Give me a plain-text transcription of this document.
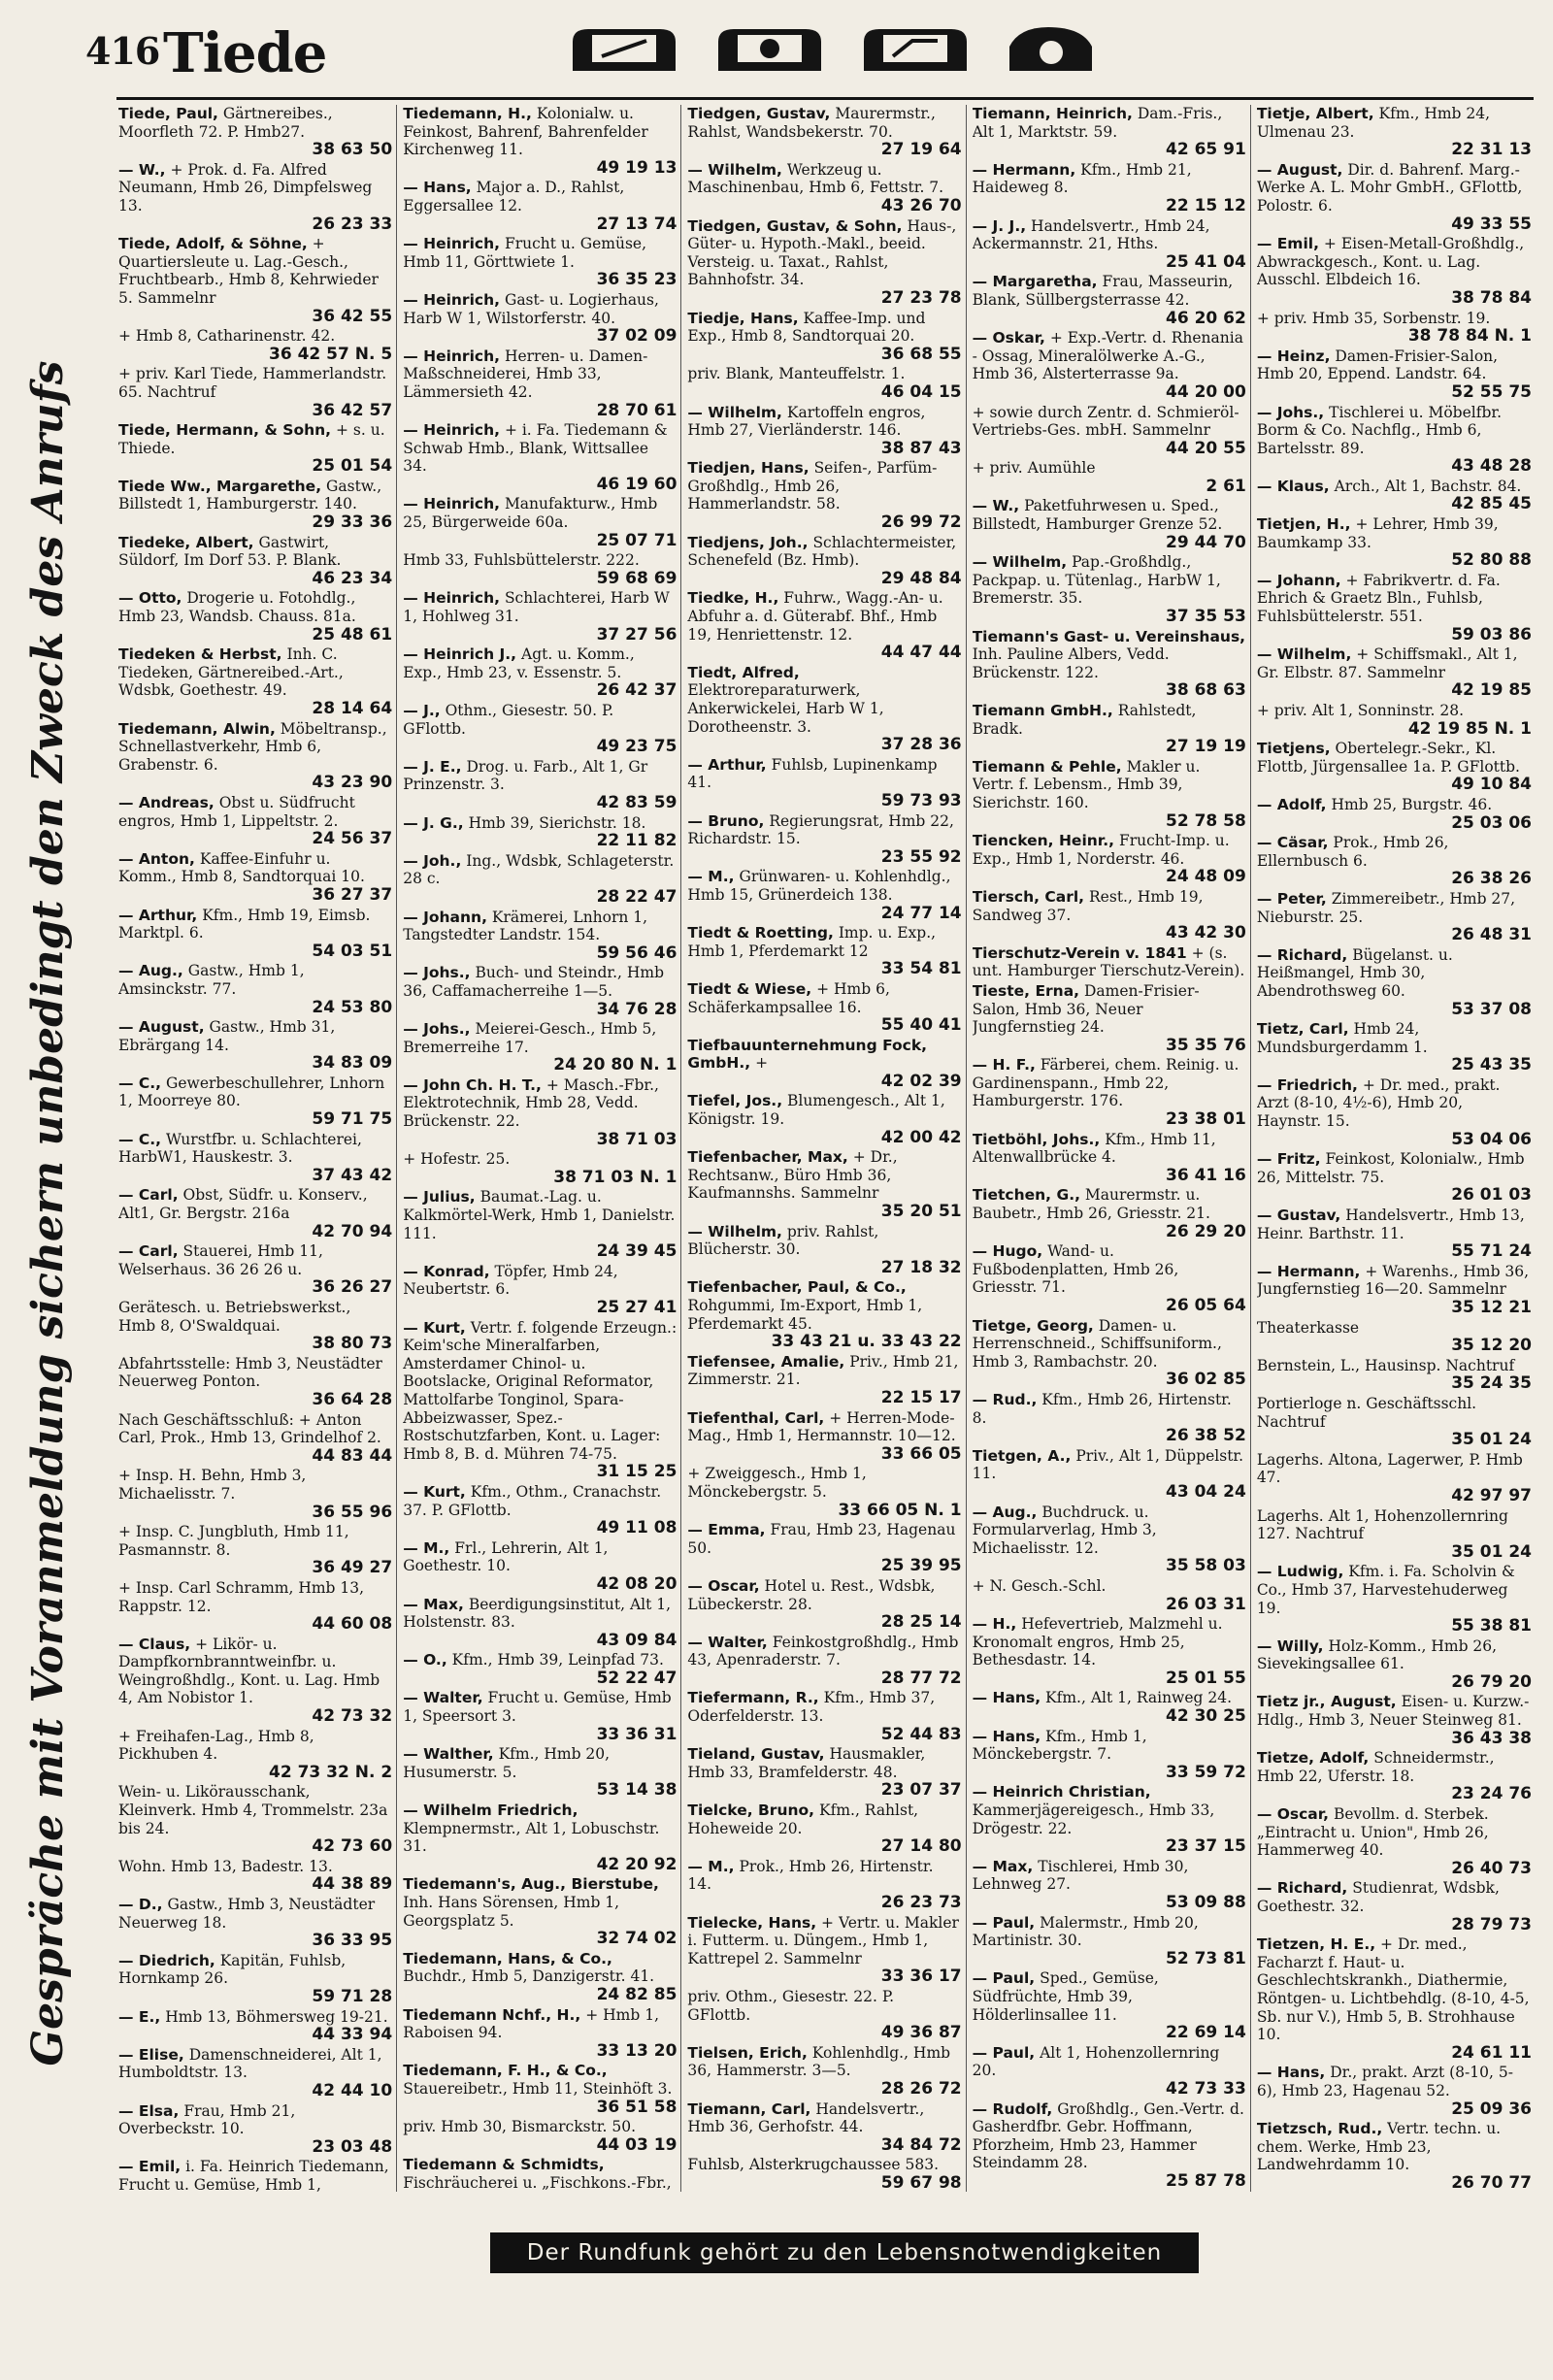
416 Tiede
Gespräche mit Voranmeldung sichern unbedingt den Zweck des Anrufs
Tiede, Paul, Gärtnereibes., Moorfleth 72. P. Hmb27.
38 63 50
— W., + Prok. d. Fa. Alfred Neumann, Hmb 26, Dimpfelsweg 13.
26 23 33
Tiede, Adolf, & Söhne, + Quartiersleute u. Lag.-Gesch., Fruchtbearb., Hmb 8, Kehrwieder 5. Sammelnr
36 42 55
+ Hmb 8, Catharinenstr. 42.
36 42 57 N. 5
+ priv. Karl Tiede, Hammerlandstr. 65. Nachtruf
36 42 57
Tiede, Hermann, & Sohn, + s. u. Thiede.
25 01 54
Tiede Ww., Margarethe, Gastw., Billstedt 1, Hamburgerstr. 140.
29 33 36
Tiedeke, Albert, Gastwirt, Süldorf, Im Dorf 53. P. Blank.
46 23 34
— Otto, Drogerie u. Fotohdlg., Hmb 23, Wandsb. Chauss. 81a.
25 48 61
Tiedeken & Herbst, Inh. C. Tiedeken, Gärtnereibed.-Art., Wdsbk, Goethestr. 49.
28 14 64
Tiedemann, Alwin, Möbeltransp., Schnellastverkehr, Hmb 6, Grabenstr. 6.
43 23 90
— Andreas, Obst u. Südfrucht engros, Hmb 1, Lippeltstr. 2.
24 56 37
— Anton, Kaffee-Einfuhr u. Komm., Hmb 8, Sandtorquai 10.
36 27 37
— Arthur, Kfm., Hmb 19, Eimsb. Marktpl. 6.
54 03 51
— Aug., Gastw., Hmb 1, Amsinckstr. 77.
24 53 80
— August, Gastw., Hmb 31, Ebrärgang 14.
34 83 09
— C., Gewerbeschullehrer, Lnhorn 1, Moorreye 80.
59 71 75
— C., Wurstfbr. u. Schlachterei, HarbW1, Hauskestr. 3.
37 43 42
— Carl, Obst, Südfr. u. Konserv., Alt1, Gr. Bergstr. 216a
42 70 94
— Carl, Stauerei, Hmb 11, Welserhaus. 36 26 26 u.
36 26 27
Gerätesch. u. Betriebswerkst., Hmb 8, O'Swaldquai.
38 80 73
Abfahrtsstelle: Hmb 3, Neustädter Neuerweg Ponton.
36 64 28
Nach Geschäftsschluß: + Anton Carl, Prok., Hmb 13, Grindelhof 2.
44 83 44
+ Insp. H. Behn, Hmb 3, Michaelisstr. 7.
36 55 96
+ Insp. C. Jungbluth, Hmb 11, Pasmannstr. 8.
36 49 27
+ Insp. Carl Schramm, Hmb 13, Rappstr. 12.
44 60 08
— Claus, + Likör- u. Dampfkornbranntweinfbr. u. Weingroßhdlg., Kont. u. Lag. Hmb 4, Am Nobistor 1.
42 73 32
+ Freihafen-Lag., Hmb 8, Pickhuben 4.
42 73 32 N. 2
Wein- u. Likörausschank, Kleinverk. Hmb 4, Trommelstr. 23a bis 24.
42 73 60
Wohn. Hmb 13, Badestr. 13.
44 38 89
— D., Gastw., Hmb 3, Neustädter Neuerweg 18.
36 33 95
— Diedrich, Kapitän, Fuhlsb, Hornkamp 26.
59 71 28
— E., Hmb 13, Böhmersweg 19-21.
44 33 94
— Elise, Damenschneiderei, Alt 1, Humboldtstr. 13.
42 44 10
— Elsa, Frau, Hmb 21, Overbeckstr. 10.
23 03 48
— Emil, i. Fa. Heinrich Tiedemann, Frucht u. Gemüse, Hmb 1,
Tiedemann, H., Kolonialw. u. Feinkost, Bahrenf, Bahrenfelder Kirchenweg 11.
49 19 13
— Hans, Major a. D., Rahlst, Eggersallee 12.
27 13 74
— Heinrich, Frucht u. Gemüse, Hmb 11, Görttwiete 1.
36 35 23
— Heinrich, Gast- u. Logierhaus, Harb W 1, Wilstorferstr. 40.
37 02 09
— Heinrich, Herren- u. Damen-Maßschneiderei, Hmb 33, Lämmersieth 42.
28 70 61
— Heinrich, + i. Fa. Tiedemann & Schwab Hmb., Blank, Wittsallee 34.
46 19 60
— Heinrich, Manufakturw., Hmb 25, Bürgerweide 60a.
25 07 71
Hmb 33, Fuhlsbüttelerstr. 222.
59 68 69
— Heinrich, Schlachterei, Harb W 1, Hohlweg 31.
37 27 56
— Heinrich J., Agt. u. Komm., Exp., Hmb 23, v. Essenstr. 5.
26 42 37
— J., Othm., Giesestr. 50. P. GFlottb.
49 23 75
— J. E., Drog. u. Farb., Alt 1, Gr Prinzenstr. 3.
42 83 59
— J. G., Hmb 39, Sierichstr. 18.
22 11 82
— Joh., Ing., Wdsbk, Schlageterstr. 28 c.
28 22 47
— Johann, Krämerei, Lnhorn 1, Tangstedter Landstr. 154.
59 56 46
— Johs., Buch- und Steindr., Hmb 36, Caffamacherreihe 1—5.
34 76 28
— Johs., Meierei-Gesch., Hmb 5, Bremerreihe 17.
24 20 80 N. 1
— John Ch. H. T., + Masch.-Fbr., Elektrotechnik, Hmb 28, Vedd. Brückenstr. 22.
38 71 03
+ Hofestr. 25.
38 71 03 N. 1
— Julius, Baumat.-Lag. u. Kalkmörtel-Werk, Hmb 1, Danielstr. 111.
24 39 45
— Konrad, Töpfer, Hmb 24, Neubertstr. 6.
25 27 41
— Kurt, Vertr. f. folgende Erzeugn.: Keim'sche Mineralfarben, Amsterdamer Chinol- u. Bootslacke, Original Reformator, Mattolfarbe Tonginol, Spara-Abbeizwasser, Spez.-Rostschutzfarben, Kont. u. Lager: Hmb 8, B. d. Mühren 74-75.
31 15 25
— Kurt, Kfm., Othm., Cranachstr. 37. P. GFlottb.
49 11 08
— M., Frl., Lehrerin, Alt 1, Goethestr. 10.
42 08 20
— Max, Beerdigungsinstitut, Alt 1, Holstenstr. 83.
43 09 84
— O., Kfm., Hmb 39, Leinpfad 73.
52 22 47
— Walter, Frucht u. Gemüse, Hmb 1, Speersort 3.
33 36 31
— Walther, Kfm., Hmb 20, Husumerstr. 5.
53 14 38
— Wilhelm Friedrich, Klempnermstr., Alt 1, Lobuschstr. 31.
42 20 92
Tiedemann's, Aug., Bierstube, Inh. Hans Sörensen, Hmb 1, Georgsplatz 5.
32 74 02
Tiedemann, Hans, & Co., Buchdr., Hmb 5, Danzigerstr. 41.
24 82 85
Tiedemann Nchf., H., + Hmb 1, Raboisen 94.
33 13 20
Tiedemann, F. H., & Co., Stauereibetr., Hmb 11, Steinhöft 3.
36 51 58
priv. Hmb 30, Bismarckstr. 50.
44 03 19
Tiedemann & Schmidts, Fischräucherei u. „Fischkons.-Fbr.,
Tiedgen, Gustav, Maurermstr., Rahlst, Wandsbekerstr. 70.
27 19 64
— Wilhelm, Werkzeug u. Maschinenbau, Hmb 6, Fettstr. 7.
43 26 70
Tiedgen, Gustav, & Sohn, Haus-, Güter- u. Hypoth.-Makl., beeid. Versteig. u. Taxat., Rahlst, Bahnhofstr. 34.
27 23 78
Tiedje, Hans, Kaffee-Imp. und Exp., Hmb 8, Sandtorquai 20.
36 68 55
priv. Blank, Manteuffelstr. 1.
46 04 15
— Wilhelm, Kartoffeln engros, Hmb 27, Vierländerstr. 146.
38 87 43
Tiedjen, Hans, Seifen-, Parfüm-Großhdlg., Hmb 26, Hammerlandstr. 58.
26 99 72
Tiedjens, Joh., Schlachtermeister, Schenefeld (Bz. Hmb).
29 48 84
Tiedke, H., Fuhrw., Wagg.-An- u. Abfuhr a. d. Güterabf. Bhf., Hmb 19, Henriettenstr. 12.
44 47 44
Tiedt, Alfred, Elektroreparaturwerk, Ankerwickelei, Harb W 1, Dorotheenstr. 3.
37 28 36
— Arthur, Fuhlsb, Lupinenkamp 41.
59 73 93
— Bruno, Regierungsrat, Hmb 22, Richardstr. 15.
23 55 92
— M., Grünwaren- u. Kohlenhdlg., Hmb 15, Grünerdeich 138.
24 77 14
Tiedt & Roetting, Imp. u. Exp., Hmb 1, Pferdemarkt 12
33 54 81
Tiedt & Wiese, + Hmb 6, Schäferkampsallee 16.
55 40 41
Tiefbauunternehmung Fock, GmbH., +
42 02 39
Tiefel, Jos., Blumengesch., Alt 1, Königstr. 19.
42 00 42
Tiefenbacher, Max, + Dr., Rechtsanw., Büro Hmb 36, Kaufmannshs. Sammelnr
35 20 51
— Wilhelm, priv. Rahlst, Blücherstr. 30.
27 18 32
Tiefenbacher, Paul, & Co., Rohgummi, Im-Export, Hmb 1, Pferdemarkt 45.
33 43 21 u. 33 43 22
Tiefensee, Amalie, Priv., Hmb 21, Zimmerstr. 21.
22 15 17
Tiefenthal, Carl, + Herren-Mode-Mag., Hmb 1, Hermannstr. 10—12.
33 66 05
+ Zweiggesch., Hmb 1, Mönckebergstr. 5.
33 66 05 N. 1
— Emma, Frau, Hmb 23, Hagenau 50.
25 39 95
— Oscar, Hotel u. Rest., Wdsbk, Lübeckerstr. 28.
28 25 14
— Walter, Feinkostgroßhdlg., Hmb 43, Apenraderstr. 7.
28 77 72
Tiefermann, R., Kfm., Hmb 37, Oderfelderstr. 13.
52 44 83
Tieland, Gustav, Hausmakler, Hmb 33, Bramfelderstr. 48.
23 07 37
Tielcke, Bruno, Kfm., Rahlst, Hoheweide 20.
27 14 80
— M., Prok., Hmb 26, Hirtenstr. 14.
26 23 73
Tielecke, Hans, + Vertr. u. Makler i. Futterm. u. Düngem., Hmb 1, Kattrepel 2. Sammelnr
33 36 17
priv. Othm., Giesestr. 22. P. GFlottb.
49 36 87
Tielsen, Erich, Kohlenhdlg., Hmb 36, Hammerstr. 3—5.
28 26 72
Tiemann, Carl, Handelsvertr., Hmb 36, Gerhofstr. 44.
34 84 72
Fuhlsb, Alsterkrugchaussee 583.
59 67 98
Tiemann, Heinrich, Dam.-Fris., Alt 1, Marktstr. 59.
42 65 91
— Hermann, Kfm., Hmb 21, Haideweg 8.
22 15 12
— J. J., Handelsvertr., Hmb 24, Ackermannstr. 21, Hths.
25 41 04
— Margaretha, Frau, Masseurin, Blank, Süllbergsterrasse 42.
46 20 62
— Oskar, + Exp.-Vertr. d. Rhenania - Ossag, Mineralölwerke A.-G., Hmb 36, Alsterterrasse 9a.
44 20 00
+ sowie durch Zentr. d. Schmieröl-Vertriebs-Ges. mbH. Sammelnr
44 20 55
+ priv. Aumühle
2 61
— W., Paketfuhrwesen u. Sped., Billstedt, Hamburger Grenze 52.
29 44 70
— Wilhelm, Pap.-Großhdlg., Packpap. u. Tütenlag., HarbW 1, Bremerstr. 35.
37 35 53
Tiemann's Gast- u. Vereinshaus, Inh. Pauline Albers, Vedd. Brückenstr. 122.
38 68 63
Tiemann GmbH., Rahlstedt, Bradk.
27 19 19
Tiemann & Pehle, Makler u. Vertr. f. Lebensm., Hmb 39, Sierichstr. 160.
52 78 58
Tiencken, Heinr., Frucht-Imp. u. Exp., Hmb 1, Norderstr. 46.
24 48 09
Tiersch, Carl, Rest., Hmb 19, Sandweg 37.
43 42 30
Tierschutz-Verein v. 1841 + (s. unt. Hamburger Tierschutz-Verein).
Tieste, Erna, Damen-Frisier-Salon, Hmb 36, Neuer Jungfernstieg 24.
35 35 76
— H. F., Färberei, chem. Reinig. u. Gardinenspann., Hmb 22, Hamburgerstr. 176.
23 38 01
Tietböhl, Johs., Kfm., Hmb 11, Altenwallbrücke 4.
36 41 16
Tietchen, G., Maurermstr. u. Baubetr., Hmb 26, Griesstr. 21.
26 29 20
— Hugo, Wand- u. Fußbodenplatten, Hmb 26, Griesstr. 71.
26 05 64
Tietge, Georg, Damen- u. Herrenschneid., Schiffsuniform., Hmb 3, Rambachstr. 20.
36 02 85
— Rud., Kfm., Hmb 26, Hirtenstr. 8.
26 38 52
Tietgen, A., Priv., Alt 1, Düppelstr. 11.
43 04 24
— Aug., Buchdruck. u. Formularverlag, Hmb 3, Michaelisstr. 12.
35 58 03
+ N. Gesch.-Schl.
26 03 31
— H., Hefevertrieb, Malzmehl u. Kronomalt engros, Hmb 25, Bethesdastr. 14.
25 01 55
— Hans, Kfm., Alt 1, Rainweg 24.
42 30 25
— Hans, Kfm., Hmb 1, Mönckebergstr. 7.
33 59 72
— Heinrich Christian, Kammerjägereigesch., Hmb 33, Drögestr. 22.
23 37 15
— Max, Tischlerei, Hmb 30, Lehnweg 27.
53 09 88
— Paul, Malermstr., Hmb 20, Martinistr. 30.
52 73 81
— Paul, Sped., Gemüse, Südfrüchte, Hmb 39, Hölderlinsallee 11.
22 69 14
— Paul, Alt 1, Hohenzollernring 20.
42 73 33
— Rudolf, Großhdlg., Gen.-Vertr. d. Gasherdfbr. Gebr. Hoffmann, Pforzheim, Hmb 23, Hammer Steindamm 28.
25 87 78
Tietje, Albert, Kfm., Hmb 24, Ulmenau 23.
22 31 13
— August, Dir. d. Bahrenf. Marg.-Werke A. L. Mohr GmbH., GFlottb, Polostr. 6.
49 33 55
— Emil, + Eisen-Metall-Großhdlg., Abwrackgesch., Kont. u. Lag. Ausschl. Elbdeich 16.
38 78 84
+ priv. Hmb 35, Sorbenstr. 19.
38 78 84 N. 1
— Heinz, Damen-Frisier-Salon, Hmb 20, Eppend. Landstr. 64.
52 55 75
— Johs., Tischlerei u. Möbelfbr. Borm & Co. Nachflg., Hmb 6, Bartelsstr. 89.
43 48 28
— Klaus, Arch., Alt 1, Bachstr. 84.
42 85 45
Tietjen, H., + Lehrer, Hmb 39, Baumkamp 33.
52 80 88
— Johann, + Fabrikvertr. d. Fa. Ehrich & Graetz Bln., Fuhlsb, Fuhlsbüttelerstr. 551.
59 03 86
— Wilhelm, + Schiffsmakl., Alt 1, Gr. Elbstr. 87. Sammelnr
42 19 85
+ priv. Alt 1, Sonninstr. 28.
42 19 85 N. 1
Tietjens, Obertelegr.-Sekr., Kl. Flottb, Jürgensallee 1a. P. GFlottb.
49 10 84
— Adolf, Hmb 25, Burgstr. 46.
25 03 06
— Cäsar, Prok., Hmb 26, Ellernbusch 6.
26 38 26
— Peter, Zimmereibetr., Hmb 27, Nieburstr. 25.
26 48 31
— Richard, Bügelanst. u. Heißmangel, Hmb 30, Abendrothsweg 60.
53 37 08
Tietz, Carl, Hmb 24, Mundsburgerdamm 1.
25 43 35
— Friedrich, + Dr. med., prakt. Arzt (8-10, 4½-6), Hmb 20, Haynstr. 15.
53 04 06
— Fritz, Feinkost, Kolonialw., Hmb 26, Mittelstr. 75.
26 01 03
— Gustav, Handelsvertr., Hmb 13, Heinr. Barthstr. 11.
55 71 24
— Hermann, + Warenhs., Hmb 36, Jungfernstieg 16—20. Sammelnr
35 12 21
Theaterkasse
35 12 20
Bernstein, L., Hausinsp. Nachtruf
35 24 35
Portierloge n. Geschäftsschl. Nachtruf
35 01 24
Lagerhs. Altona, Lagerwer, P. Hmb 47.
42 97 97
Lagerhs. Alt 1, Hohenzollernring 127. Nachtruf
35 01 24
— Ludwig, Kfm. i. Fa. Scholvin & Co., Hmb 37, Harvestehuderweg 19.
55 38 81
— Willy, Holz-Komm., Hmb 26, Sievekingsallee 61.
26 79 20
Tietz jr., August, Eisen- u. Kurzw.-Hdlg., Hmb 3, Neuer Steinweg 81.
36 43 38
Tietze, Adolf, Schneidermstr., Hmb 22, Uferstr. 18.
23 24 76
— Oscar, Bevollm. d. Sterbek. „Eintracht u. Union", Hmb 26, Hammerweg 40.
26 40 73
— Richard, Studienrat, Wdsbk, Goethestr. 32.
28 79 73
Tietzen, H. E., + Dr. med., Facharzt f. Haut- u. Geschlechtskrankh., Diathermie, Röntgen- u. Lichtbehdlg. (8-10, 4-5, Sb. nur V.), Hmb 5, B. Strohhause 10.
24 61 11
— Hans, Dr., prakt. Arzt (8-10, 5-6), Hmb 23, Hagenau 52.
25 09 36
Tietzsch, Rud., Vertr. techn. u. chem. Werke, Hmb 23, Landwehrdamm 10.
26 70 77
Der Rundfunk gehört zu den Lebensnotwendigkeiten
